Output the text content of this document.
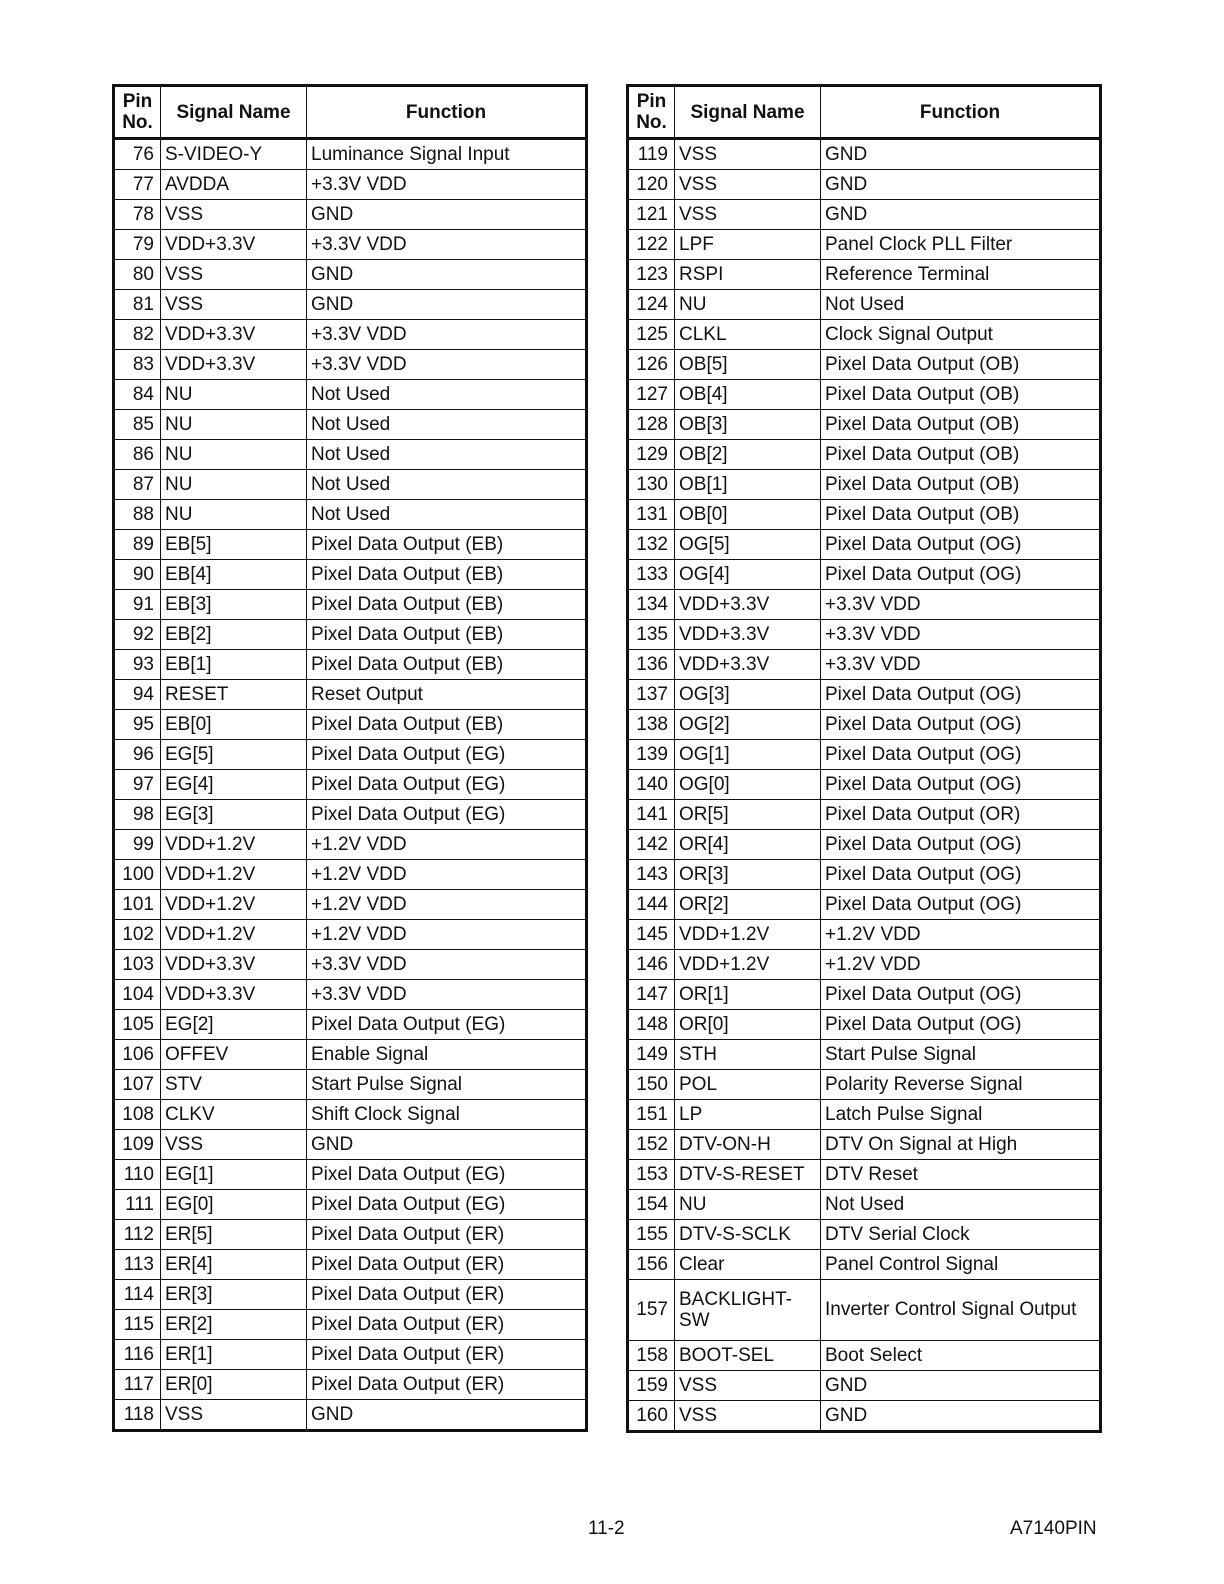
Pin No.	Signal Name	Function
76	S-VIDEO-Y	Luminance Signal Input
77	AVDDA	+3.3V VDD
78	VSS	GND
79	VDD+3.3V	+3.3V VDD
80	VSS	GND
81	VSS	GND
82	VDD+3.3V	+3.3V VDD
83	VDD+3.3V	+3.3V VDD
84	NU	Not Used
85	NU	Not Used
86	NU	Not Used
87	NU	Not Used
88	NU	Not Used
89	EB[5]	Pixel Data Output (EB)
90	EB[4]	Pixel Data Output (EB)
91	EB[3]	Pixel Data Output (EB)
92	EB[2]	Pixel Data Output (EB)
93	EB[1]	Pixel Data Output (EB)
94	RESET	Reset Output
95	EB[0]	Pixel Data Output (EB)
96	EG[5]	Pixel Data Output (EG)
97	EG[4]	Pixel Data Output (EG)
98	EG[3]	Pixel Data Output (EG)
99	VDD+1.2V	+1.2V VDD
100	VDD+1.2V	+1.2V VDD
101	VDD+1.2V	+1.2V VDD
102	VDD+1.2V	+1.2V VDD
103	VDD+3.3V	+3.3V VDD
104	VDD+3.3V	+3.3V VDD
105	EG[2]	Pixel Data Output (EG)
106	OFFEV	Enable Signal
107	STV	Start Pulse Signal
108	CLKV	Shift Clock Signal
109	VSS	GND
110	EG[1]	Pixel Data Output (EG)
111	EG[0]	Pixel Data Output (EG)
112	ER[5]	Pixel Data Output (ER)
113	ER[4]	Pixel Data Output (ER)
114	ER[3]	Pixel Data Output (ER)
115	ER[2]	Pixel Data Output (ER)
116	ER[1]	Pixel Data Output (ER)
117	ER[0]	Pixel Data Output (ER)
118	VSS	GND
Pin No.	Signal Name	Function
119	VSS	GND
120	VSS	GND
121	VSS	GND
122	LPF	Panel Clock PLL Filter
123	RSPI	Reference Terminal
124	NU	Not Used
125	CLKL	Clock Signal Output
126	OB[5]	Pixel Data Output (OB)
127	OB[4]	Pixel Data Output (OB)
128	OB[3]	Pixel Data Output (OB)
129	OB[2]	Pixel Data Output (OB)
130	OB[1]	Pixel Data Output (OB)
131	OB[0]	Pixel Data Output (OB)
132	OG[5]	Pixel Data Output (OG)
133	OG[4]	Pixel Data Output (OG)
134	VDD+3.3V	+3.3V VDD
135	VDD+3.3V	+3.3V VDD
136	VDD+3.3V	+3.3V VDD
137	OG[3]	Pixel Data Output (OG)
138	OG[2]	Pixel Data Output (OG)
139	OG[1]	Pixel Data Output (OG)
140	OG[0]	Pixel Data Output (OG)
141	OR[5]	Pixel Data Output (OR)
142	OR[4]	Pixel Data Output (OG)
143	OR[3]	Pixel Data Output (OG)
144	OR[2]	Pixel Data Output (OG)
145	VDD+1.2V	+1.2V VDD
146	VDD+1.2V	+1.2V VDD
147	OR[1]	Pixel Data Output (OG)
148	OR[0]	Pixel Data Output (OG)
149	STH	Start Pulse Signal
150	POL	Polarity Reverse Signal
151	LP	Latch Pulse Signal
152	DTV-ON-H	DTV On Signal at High
153	DTV-S-RESET	DTV Reset
154	NU	Not Used
155	DTV-S-SCLK	DTV Serial Clock
156	Clear	Panel Control Signal
157	BACKLIGHT-SW	Inverter Control Signal Output
158	BOOT-SEL	Boot Select
159	VSS	GND
160	VSS	GND
11-2	A7140PIN
